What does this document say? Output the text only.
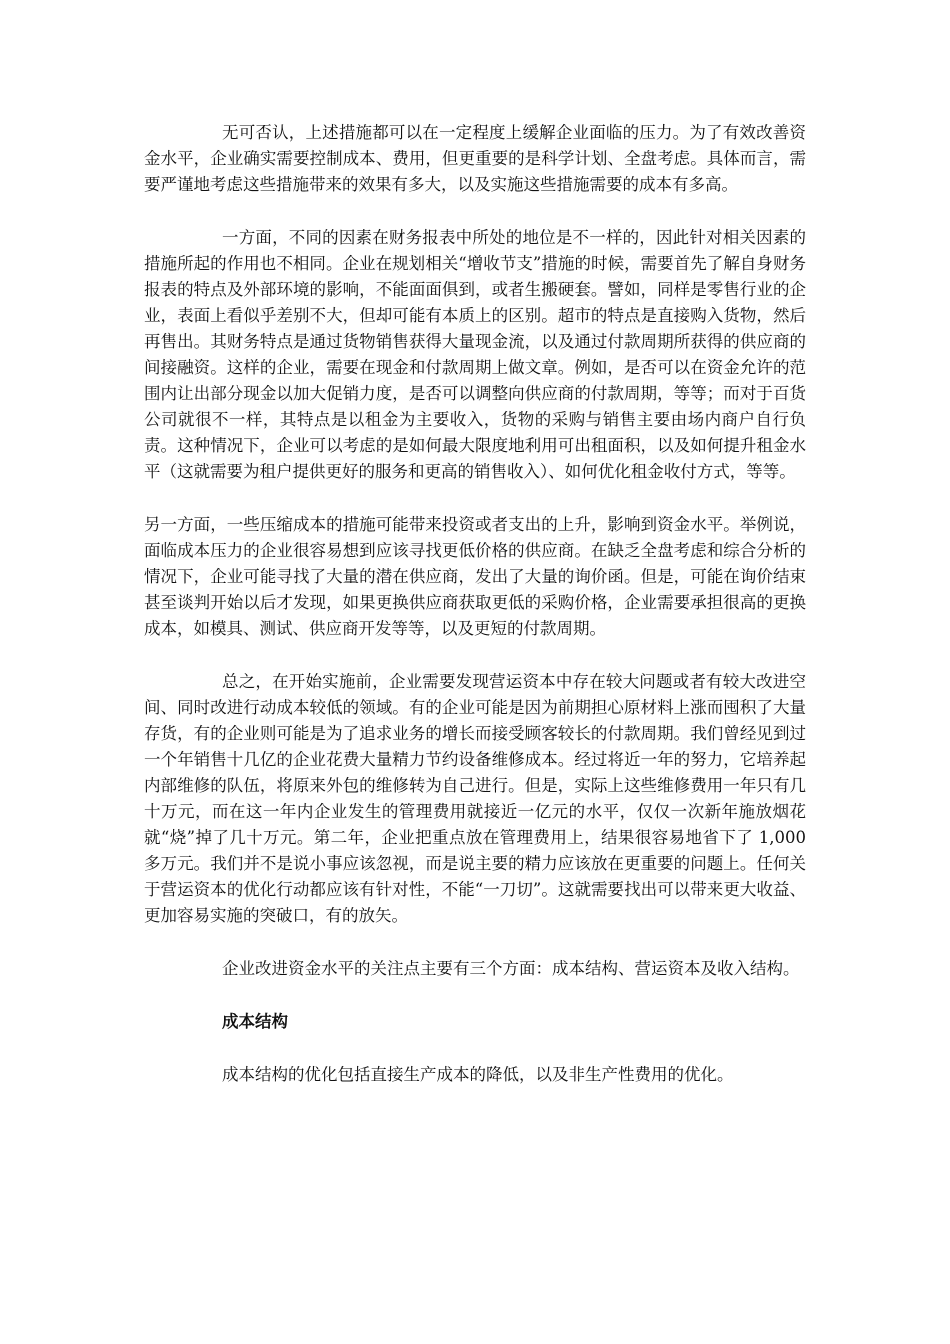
无可否认，上述措施都可以在一定程度上缓解企业面临的压力。为了有效改善资金水平，企业确实需要控制成本、费用，但更重要的是科学计划、全盘考虑。具体而言，需要严谨地考虑这些措施带来的效果有多大，以及实施这些措施需要的成本有多高。

一方面，不同的因素在财务报表中所处的地位是不一样的，因此针对相关因素的措施所起的作用也不相同。企业在规划相关“增收节支”措施的时候，需要首先了解自身财务报表的特点及外部环境的影响，不能面面俱到，或者生搬硬套。譬如，同样是零售行业的企业，表面上看似乎差别不大，但却可能有本质上的区别。超市的特点是直接购入货物，然后再售出。其财务特点是通过货物销售获得大量现金流，以及通过付款周期所获得的供应商的间接融资。这样的企业，需要在现金和付款周期上做文章。例如，是否可以在资金允许的范围内让出部分现金以加大促销力度，是否可以调整向供应商的付款周期，等等；而对于百货公司就很不一样，其特点是以租金为主要收入，货物的采购与销售主要由场内商户自行负责。这种情况下，企业可以考虑的是如何最大限度地利用可出租面积，以及如何提升租金水平（这就需要为租户提供更好的服务和更高的销售收入）、如何优化租金收付方式，等等。

另一方面，一些压缩成本的措施可能带来投资或者支出的上升，影响到资金水平。举例说，面临成本压力的企业很容易想到应该寻找更低价格的供应商。在缺乏全盘考虑和综合分析的情况下，企业可能寻找了大量的潜在供应商，发出了大量的询价函。但是，可能在询价结束甚至谈判开始以后才发现，如果更换供应商获取更低的采购价格，企业需要承担很高的更换成本，如模具、测试、供应商开发等等，以及更短的付款周期。

总之，在开始实施前，企业需要发现营运资本中存在较大问题或者有较大改进空间、同时改进行动成本较低的领域。有的企业可能是因为前期担心原材料上涨而囤积了大量存货，有的企业则可能是为了追求业务的增长而接受顾客较长的付款周期。我们曾经见到过一个年销售十几亿的企业花费大量精力节约设备维修成本。经过将近一年的努力，它培养起内部维修的队伍，将原来外包的维修转为自己进行。但是，实际上这些维修费用一年只有几十万元，而在这一年内企业发生的管理费用就接近一亿元的水平，仅仅一次新年施放烟花就“烧”掉了几十万元。第二年，企业把重点放在管理费用上，结果很容易地省下了 1,000 多万元。我们并不是说小事应该忽视，而是说主要的精力应该放在更重要的问题上。任何关于营运资本的优化行动都应该有针对性，不能“一刀切”。这就需要找出可以带来更大收益、更加容易实施的突破口，有的放矢。

企业改进资金水平的关注点主要有三个方面：成本结构、营运资本及收入结构。

成本结构

成本结构的优化包括直接生产成本的降低，以及非生产性费用的优化。
